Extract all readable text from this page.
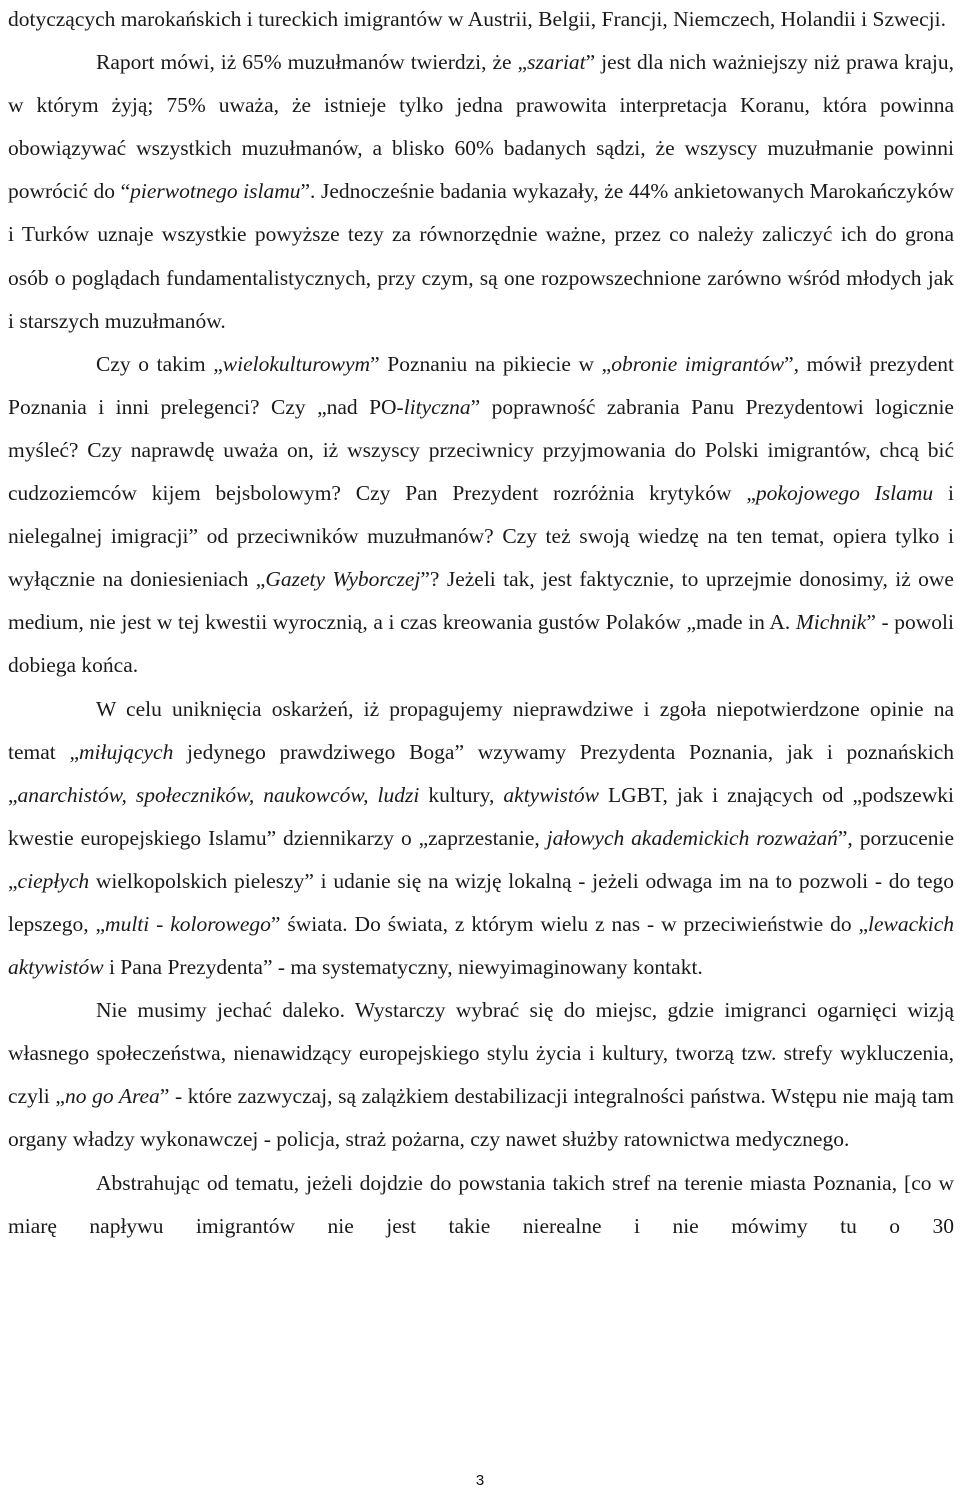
dotyczących marokańskich i tureckich imigrantów w Austrii, Belgii, Francji, Niemczech, Holandii i Szwecji.

Raport mówi, iż 65% muzułmanów twierdzi, że „szariat” jest dla nich ważniejszy niż prawa kraju, w którym żyją; 75% uważa, że istnieje tylko jedna prawowita interpretacja Koranu, która powinna obowiązywać wszystkich muzułmanów, a blisko 60% badanych sądzi, że wszyscy muzułmanie powinni powrócić do “pierwotnego islamu”. Jednocześnie badania wykazały, że 44% ankietowanych Marokańczyków i Turków uznaje wszystkie powyższe tezy za równorzędnie ważne, przez co należy zaliczyć ich do grona osób o poglądach fundamentalistycznych, przy czym, są one rozpowszechnione zarówno wśród młodych jak i starszych muzułmanów.

Czy o takim „wielokulturowym” Poznaniu na pikiecie w „obronie imigrantów”, mówił prezydent Poznania i inni prelegenci? Czy „nad PO-lityczna” poprawność zabrania Panu Prezydentowi logicznie myśleć? Czy naprawdę uważa on, iż wszyscy przeciwnicy przyjmowania do Polski imigrantów, chcą bić cudzoziemców kijem bejsbolowym? Czy Pan Prezydent rozróżnia krytyków „pokojowego Islamu i nielegalnej imigracji” od przeciwników muzułmanów? Czy też swoją wiedzę na ten temat, opiera tylko i wyłącznie na doniesieniach „Gazety Wyborczej”? Jeżeli tak, jest faktycznie, to uprzejmie donosimy, iż owe medium, nie jest w tej kwestii wyrocznią, a i czas kreowania gustów Polaków „made in A. Michnik” - powoli dobiega końca.

W celu uniknięcia oskarżeń, iż propagujemy nieprawdziwe i zgoła niepotwierdzone opinie na temat „miłujących jedynego prawdziwego Boga” wzywamy Prezydenta Poznania, jak i poznańskich „anarchistów, społeczników, naukowców, ludzi kultury, aktywistów LGBT, jak i znających od „podszewki kwestie europejskiego Islamu” dziennikarzy o „zaprzestanie, jałowych akademickich rozważań”, porzucenie „ciepłych wielkopolskich pieleszy” i udanie się na wizję lokalną - jeżeli odwaga im na to pozwoli - do tego lepszego, „multi - kolorowego” świata. Do świata, z którym wielu z nas - w przeciwieństwie do „lewackich aktywistów i Pana Prezydenta” - ma systematyczny, niewyimaginowany kontakt.

Nie musimy jechać daleko. Wystarczy wybrać się do miejsc, gdzie imigranci ogarnięci wizją własnego społeczeństwa, nienawidzący europejskiego stylu życia i kultury, tworzą tzw. strefy wykluczenia, czyli „no go Area” - które zazwyczaj, są zalążkiem destabilizacji integralności państwa. Wstępu nie mają tam organy władzy wykonawczej - policja, straż pożarna, czy nawet służby ratownictwa medycznego.

Abstrahując od tematu, jeżeli dojdzie do powstania takich stref na terenie miasta Poznania, [co w miarę napływu imigrantów nie jest takie nierealne i nie mówimy tu o 30

3
